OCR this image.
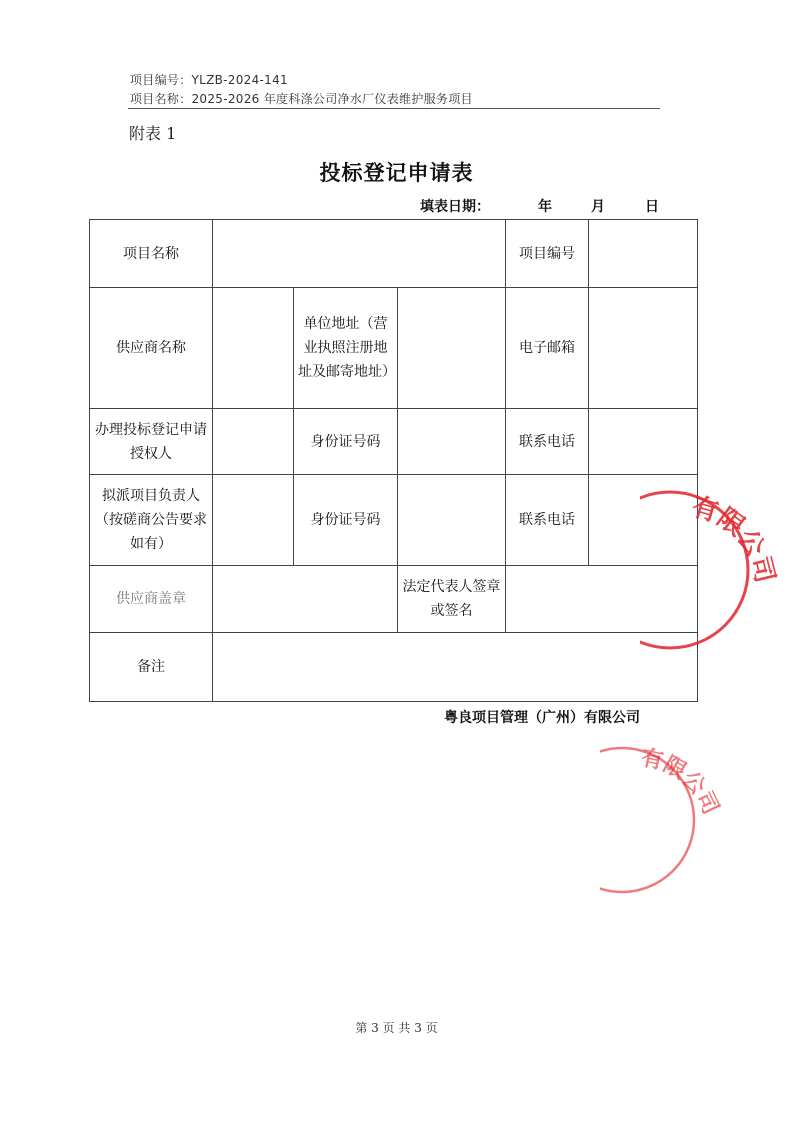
项目编号：YLZB-2024-141
项目名称：2025-2026 年度科涤公司净水厂仪表维护服务项目
附表 1
投标登记申请表
填表日期：	年	月	日
项目名称				项目编号	
供应商名称		单位地址（营业执照注册地址及邮寄地址）		电子邮箱	
办理投标登记申请授权人		身份证号码		联系电话	
拟派项目负责人（按磋商公告要求如有）		身份证号码		联系电话	
供应商盖章			法定代表人签章或签名		
备注					
粤良项目管理（广州）有限公司
有限公司
有限公司
第 3 页 共 3 页
